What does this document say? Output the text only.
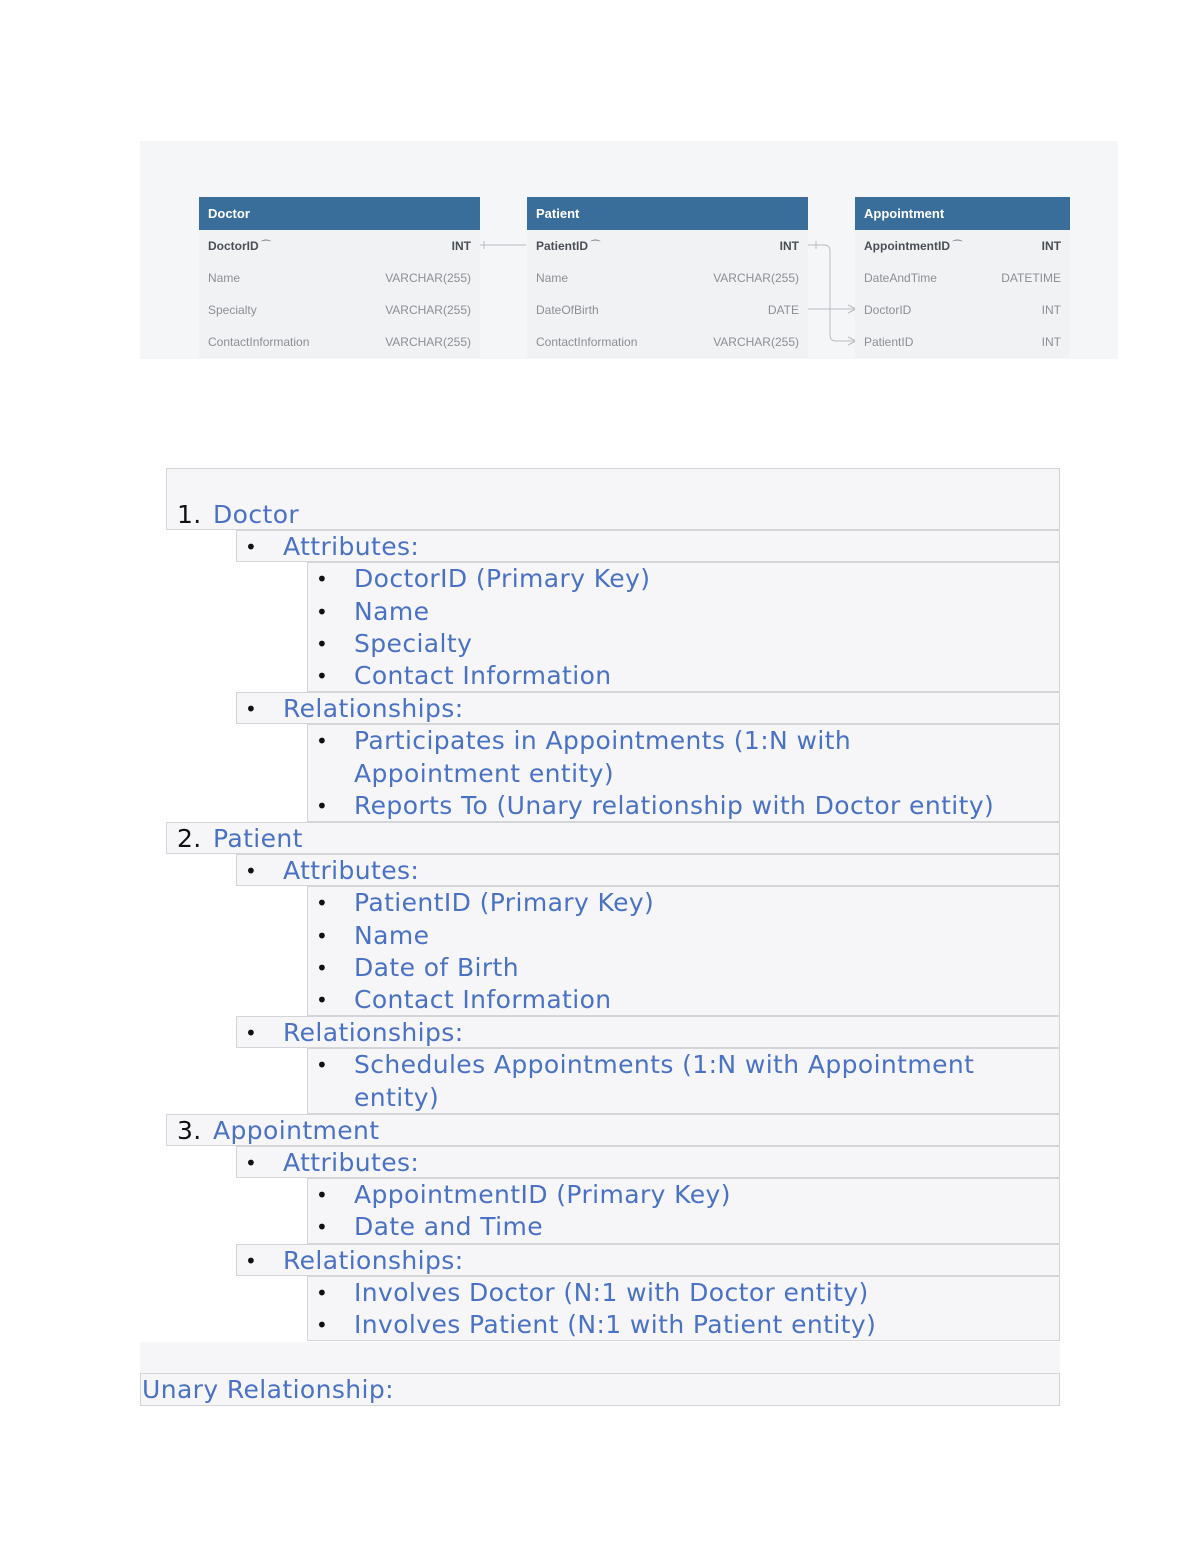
Doctor
DoctorID ⁀	INT
Name	VARCHAR(255)
Specialty	VARCHAR(255)
ContactInformation	VARCHAR(255)
Patient
PatientID ⁀	INT
Name	VARCHAR(255)
DateOfBirth	DATE
ContactInformation	VARCHAR(255)
Appointment
AppointmentID ⁀	INT
DateAndTime	DATETIME
DoctorID	INT
PatientID	INT
1. Doctor
• Attributes:
• DoctorID (Primary Key)
• Name
• Specialty
• Contact Information
• Relationships:
• Participates in Appointments (1:N with
Appointment entity)
• Reports To (Unary relationship with Doctor entity)
2. Patient
• Attributes:
• PatientID (Primary Key)
• Name
• Date of Birth
• Contact Information
• Relationships:
• Schedules Appointments (1:N with Appointment
entity)
3. Appointment
• Attributes:
• AppointmentID (Primary Key)
• Date and Time
• Relationships:
• Involves Doctor (N:1 with Doctor entity)
• Involves Patient (N:1 with Patient entity)
Unary Relationship:
